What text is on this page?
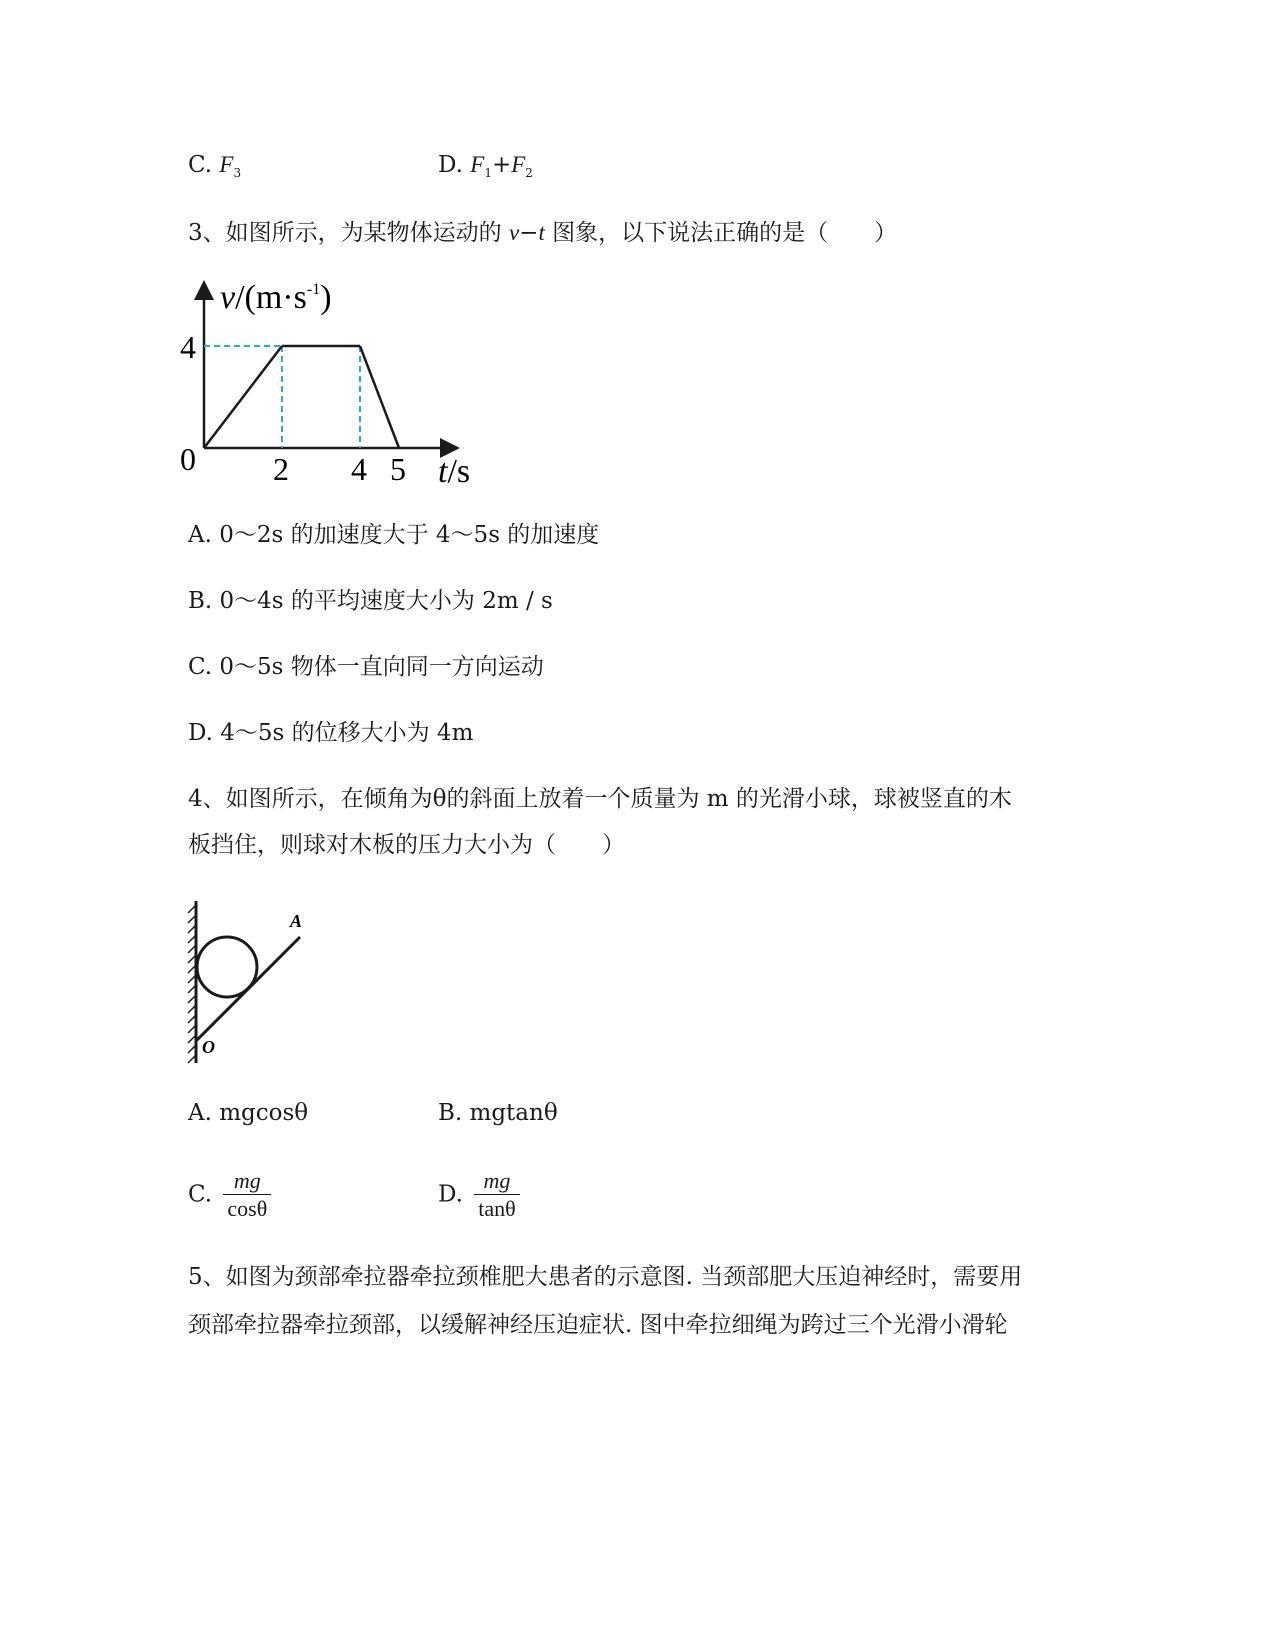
C. $F_3$	D. $F_1+F_2$
3、如图所示，为某物体运动的 v−t 图象，以下说法正确的是（　　）
$v/(m\cdot s^{-1})$
4
0 2 4 5 t/s
A. 0～2s 的加速度大于 4～5s 的加速度
B. 0～4s 的平均速度大小为 2m / s
C. 0～5s 物体一直向同一方向运动
D. 4～5s 的位移大小为 4m
4、如图所示，在倾角为θ的斜面上放着一个质量为 m 的光滑小球，球被竖直的木
板挡住，则球对木板的压力大小为（　　）
A
O
A. mgcosθ	B. mgtanθ
C. $\frac{mg}{\cos\theta}$	D. $\frac{mg}{\tan\theta}$
5、如图为颈部牵拉器牵拉颈椎肥大患者的示意图. 当颈部肥大压迫神经时，需要用
颈部牵拉器牵拉颈部，以缓解神经压迫症状. 图中牵拉细绳为跨过三个光滑小滑轮
